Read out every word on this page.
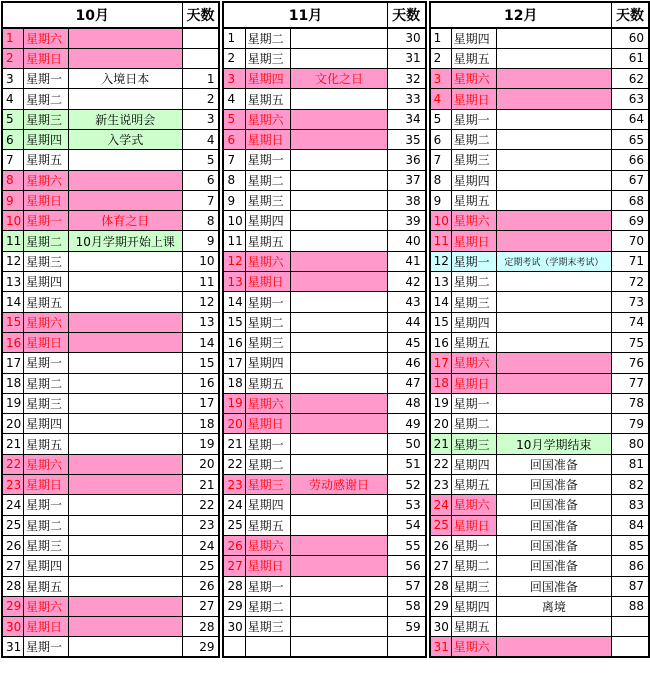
10月			天数
1	星期六		
2	星期日		
3	星期一	入境日本	1
4	星期二		2
5	星期三	新生说明会	3
6	星期四	入学式	4
7	星期五		5
8	星期六		6
9	星期日		7
10	星期一	体育之日	8
11	星期二	10月学期开始上课	9
12	星期三		10
13	星期四		11
14	星期五		12
15	星期六		13
16	星期日		14
17	星期一		15
18	星期二		16
19	星期三		17
20	星期四		18
21	星期五		19
22	星期六		20
23	星期日		21
24	星期一		22
25	星期二		23
26	星期三		24
27	星期四		25
28	星期五		26
29	星期六		27
30	星期日		28
31	星期一		29
11月			天数
1	星期二		30
2	星期三		31
3	星期四	文化之日	32
4	星期五		33
5	星期六		34
6	星期日		35
7	星期一		36
8	星期二		37
9	星期三		38
10	星期四		39
11	星期五		40
12	星期六		41
13	星期日		42
14	星期一		43
15	星期二		44
16	星期三		45
17	星期四		46
18	星期五		47
19	星期六		48
20	星期日		49
21	星期一		50
22	星期二		51
23	星期三	劳动感谢日	52
24	星期四		53
25	星期五		54
26	星期六		55
27	星期日		56
28	星期一		57
29	星期二		58
30	星期三		59

12月			天数
1	星期四		60
2	星期五		61
3	星期六		62
4	星期日		63
5	星期一		64
6	星期二		65
7	星期三		66
8	星期四		67
9	星期五		68
10	星期六		69
11	星期日		70
12	星期一	定期考试（学期末考试）	71
13	星期二		72
14	星期三		73
15	星期四		74
16	星期五		75
17	星期六		76
18	星期日		77
19	星期一		78
20	星期二		79
21	星期三	10月学期结束	80
22	星期四	回国准备	81
23	星期五	回国准备	82
24	星期六	回国准备	83
25	星期日	回国准备	84
26	星期一	回国准备	85
27	星期二	回国准备	86
28	星期三	回国准备	87
29	星期四	离境	88
30	星期五		
31	星期六		
